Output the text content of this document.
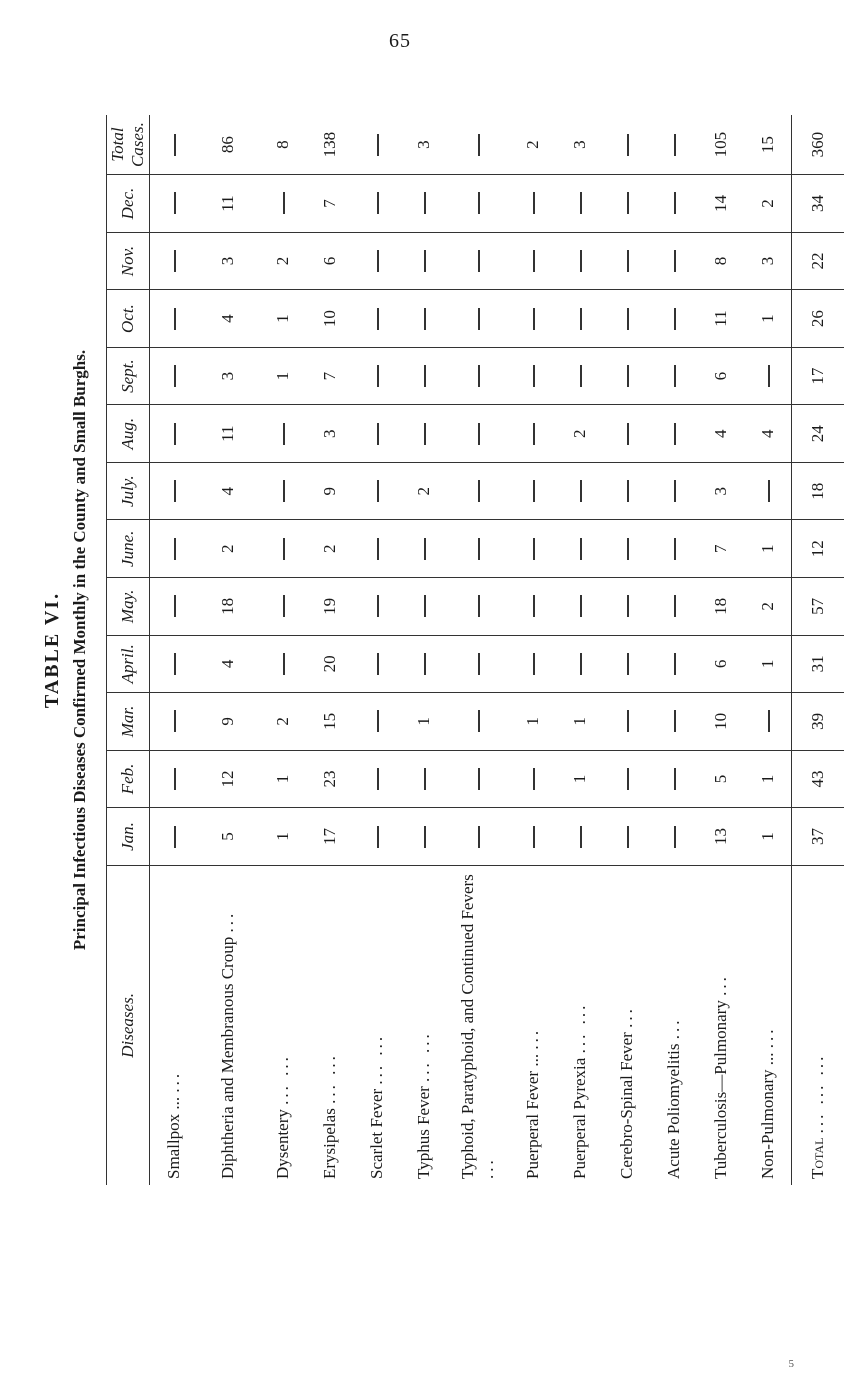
65
TABLE VI. Principal Infectious Diseases Confirmed Monthly in the County and Small Burghs.
Diseases.	Jan.	Feb.	Mar.	April.	May.	June.	July.	Aug.	Sept.	Oct.	Nov.	Dec.	Total Cases.
Smallpox ... ...													
Diphtheria and Membranous Croup ...	5	12	9	4	18	2	4	11	3	4	3	11	86
Dysentery ... ...	1	1	2						1	1	2		8
Erysipelas ... ...	17	23	15	20	19	2	9	3	7	10	6	7	138
Scarlet Fever ... ...													
Typhus Fever ... ...			1				2						3
Typhoid, Paratyphoid, and Continued Fevers ...													
Puerperal Fever ... ...			1										2
Puerperal Pyrexia ... ...		1	1					2					3
Cerebro-Spinal Fever ...													
Acute Poliomyelitis ...													
Tuberculosis—Pulmonary ...	13	5	10	6	18	7	3	4	6	11	8	14	105
Non-Pulmonary ... ...	1	1		1	2	1		4		1	3	2	15
Total ... ... ...	37	43	39	31	57	12	18	24	17	26	22	34	360
5
